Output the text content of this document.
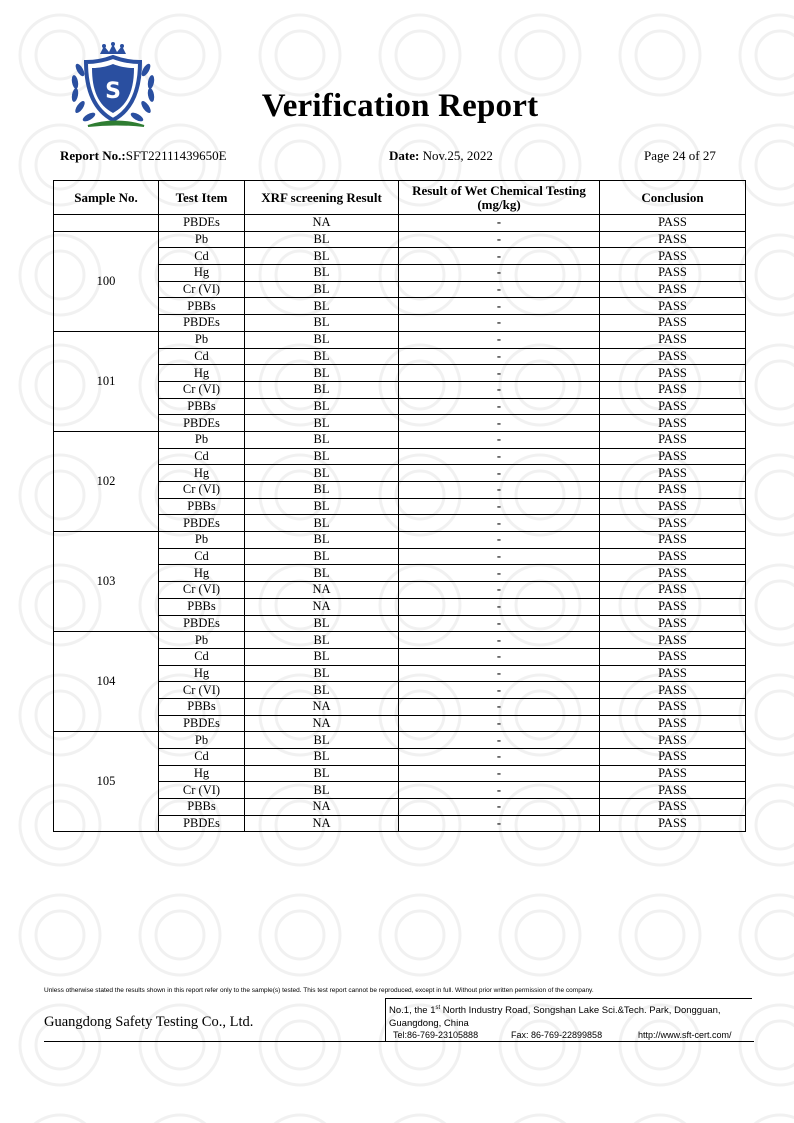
S	Verification Report
Report No.:SFT22111439650E	Date: Nov.25, 2022	Page 24 of 27
Sample No.	Test Item	XRF screening Result	Result of Wet Chemical Testing (mg/kg)	Conclusion
	PBDEs	NA	-	PASS
100	Pb	BL	-	PASS
	Cd	BL	-	PASS
	Hg	BL	-	PASS
	Cr (VI)	BL	-	PASS
	PBBs	BL	-	PASS
	PBDEs	BL	-	PASS
101	Pb	BL	-	PASS
	Cd	BL	-	PASS
	Hg	BL	-	PASS
	Cr (VI)	BL	-	PASS
	PBBs	BL	-	PASS
	PBDEs	BL	-	PASS
102	Pb	BL	-	PASS
	Cd	BL	-	PASS
	Hg	BL	-	PASS
	Cr (VI)	BL	-	PASS
	PBBs	BL	-	PASS
	PBDEs	BL	-	PASS
103	Pb	BL	-	PASS
	Cd	BL	-	PASS
	Hg	BL	-	PASS
	Cr (VI)	NA	-	PASS
	PBBs	NA	-	PASS
	PBDEs	BL	-	PASS
104	Pb	BL	-	PASS
	Cd	BL	-	PASS
	Hg	BL	-	PASS
	Cr (VI)	BL	-	PASS
	PBBs	NA	-	PASS
	PBDEs	NA	-	PASS
105	Pb	BL	-	PASS
	Cd	BL	-	PASS
	Hg	BL	-	PASS
	Cr (VI)	BL	-	PASS
	PBBs	NA	-	PASS
	PBDEs	NA	-	PASS
Unless otherwise stated the results shown in this report refer only to the sample(s) tested. This test report cannot be reproduced, except in full. Without prior written permission of the company.
Guangdong Safety Testing Co., Ltd.
No.1, the 1st North Industry Road, Songshan Lake Sci.&Tech. Park, Dongguan, Guangdong, China
Tel:86-769-23105888	Fax: 86-769-22899858	http://www.sft-cert.com/
